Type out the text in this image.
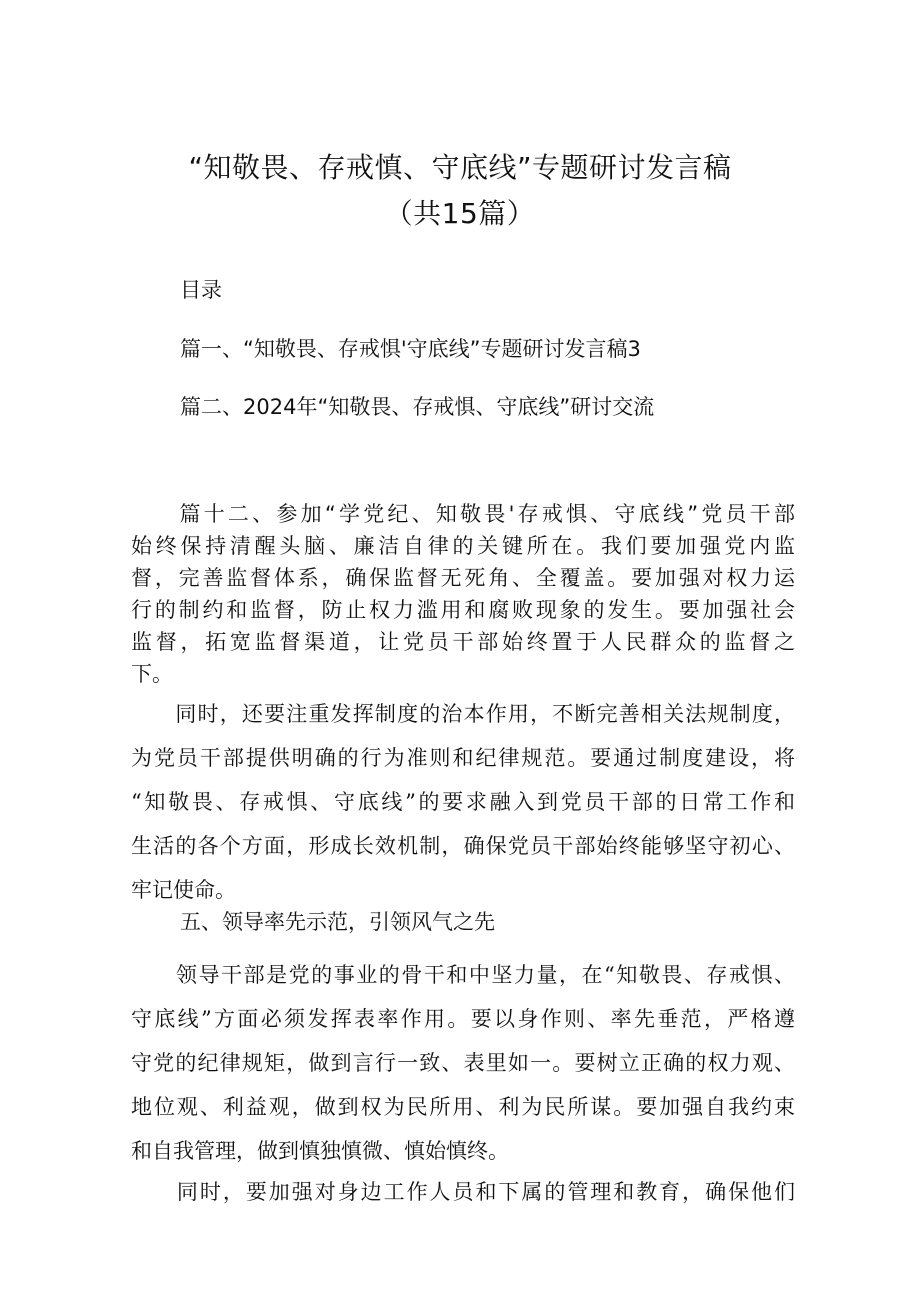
“知敬畏、存戒慎、守底线”专题研讨发言稿
（共15篇）
目录
篇一、“知敬畏、存戒惧'守底线”专题研讨发言稿3
篇二、2024年“知敬畏、存戒惧、守底线”研讨交流
　　篇十二、参加“学党纪、知敬畏'存戒惧、守底线”党员干部
始终保持清醒头脑、廉洁自律的关键所在。我们要加强党内监
督，完善监督体系，确保监督无死角、全覆盖。要加强对权力运
行的制约和监督，防止权力滥用和腐败现象的发生。要加强社会
监督，拓宽监督渠道，让党员干部始终置于人民群众的监督之
下。
　　同时，还要注重发挥制度的治本作用，不断完善相关法规制度，
为党员干部提供明确的行为准则和纪律规范。要通过制度建设，将
“知敬畏、存戒惧、守底线”的要求融入到党员干部的日常工作和
生活的各个方面，形成长效机制，确保党员干部始终能够坚守初心、
牢记使命。
五、领导率先示范，引领风气之先
　　领导干部是党的事业的骨干和中坚力量，在“知敬畏、存戒惧、
守底线”方面必须发挥表率作用。要以身作则、率先垂范，严格遵
守党的纪律规矩，做到言行一致、表里如一。要树立正确的权力观、
地位观、利益观，做到权为民所用、利为民所谋。要加强自我约束
和自我管理，做到慎独慎微、慎始慎终。
　　同时，要加强对身边工作人员和下属的管理和教育，确保他们
